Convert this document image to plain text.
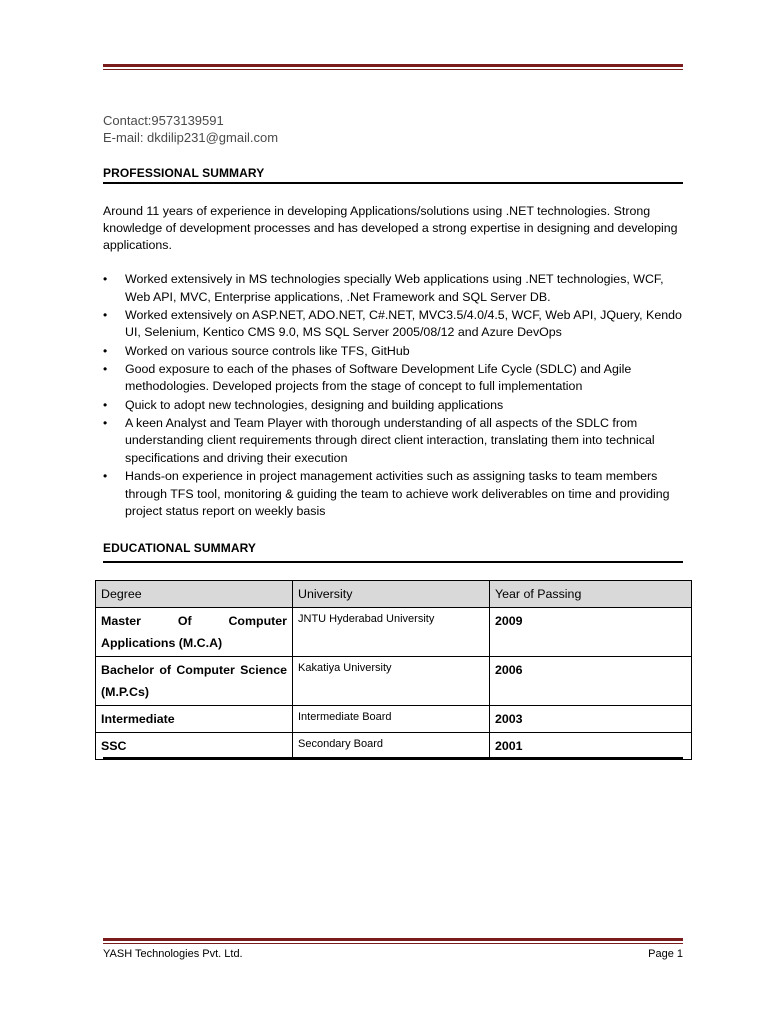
Contact:9573139591
E-mail: dkdilip231@gmail.com
PROFESSIONAL SUMMARY
Around 11 years of experience in developing Applications/solutions using .NET technologies. Strong knowledge of development processes and has developed a strong expertise in designing and developing applications.
• Worked extensively in MS technologies specially Web applications using .NET technologies, WCF, Web API, MVC, Enterprise applications, .Net Framework and SQL Server DB.
• Worked extensively on ASP.NET, ADO.NET, C#.NET, MVC3.5/4.0/4.5, WCF, Web API, JQuery, Kendo UI, Selenium, Kentico CMS 9.0, MS SQL Server 2005/08/12 and Azure DevOps
• Worked on various source controls like TFS, GitHub
• Good exposure to each of the phases of Software Development Life Cycle (SDLC) and Agile methodologies. Developed projects from the stage of concept to full implementation
• Quick to adopt new technologies, designing and building applications
• A keen Analyst and Team Player with thorough understanding of all aspects of the SDLC from understanding client requirements through direct client interaction, translating them into technical specifications and driving their execution
• Hands-on experience in project management activities such as assigning tasks to team members through TFS tool, monitoring & guiding the team to achieve work deliverables on time and providing project status report on weekly basis
EDUCATIONAL SUMMARY
Degree	University	Year of Passing

Master Of Computer
Applications (M.C.A)	JNTU Hyderabad University	2009

Bachelor of Computer Science
(M.P.Cs)	Kakatiya University	2006
Intermediate	Intermediate Board	2003
SSC	Secondary Board	2001
YASH Technologies Pvt. Ltd.	Page 1
